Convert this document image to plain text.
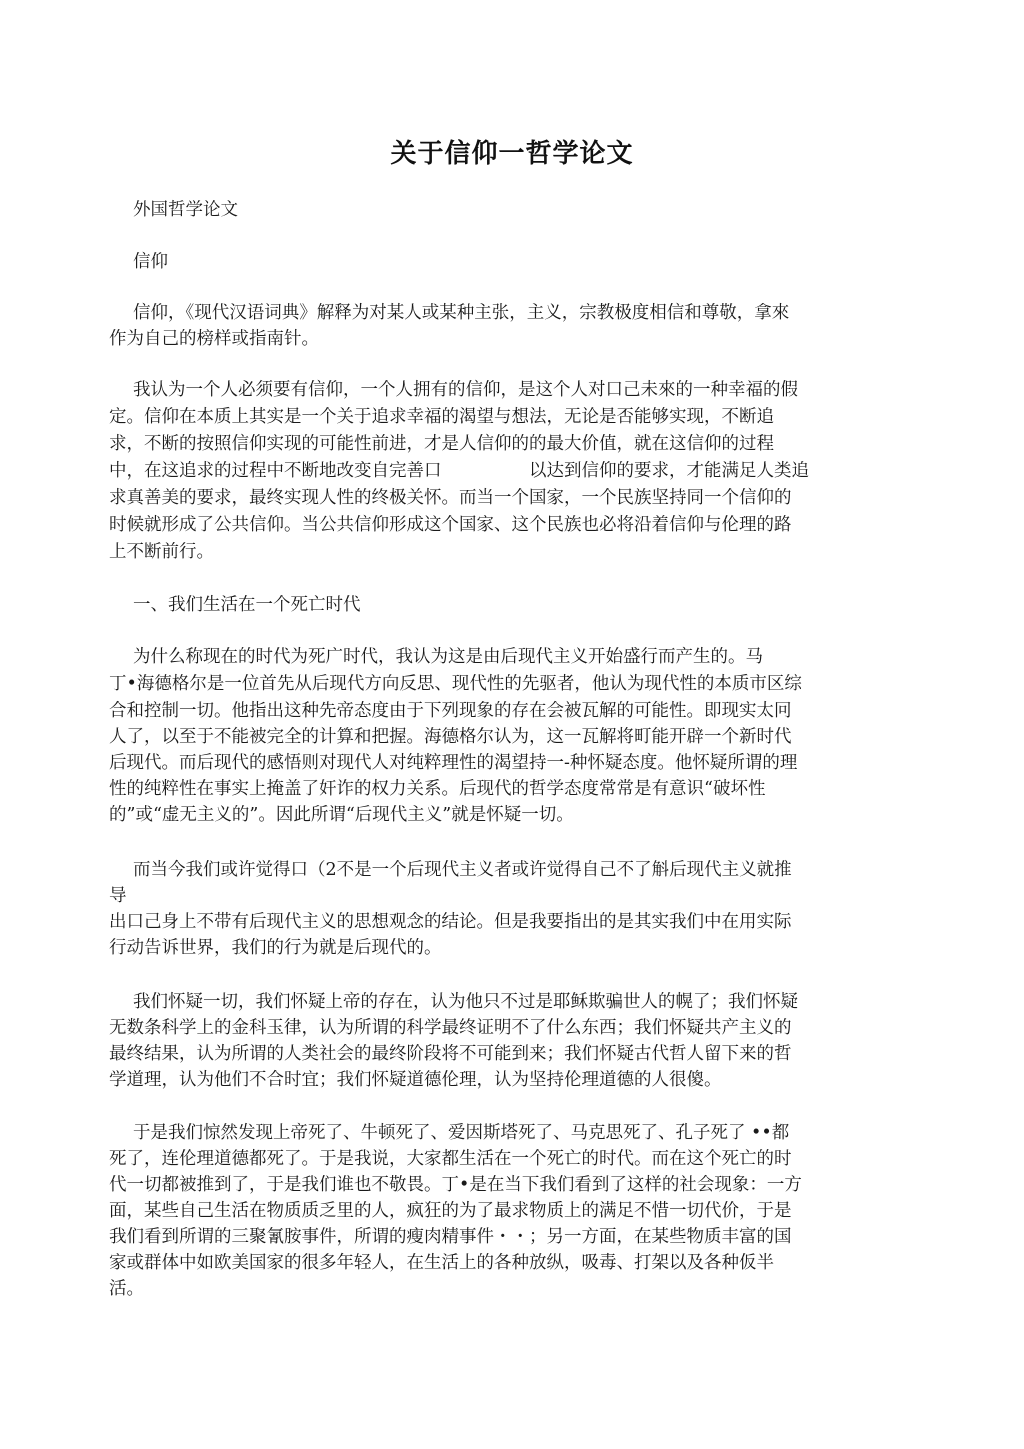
关于信仰一哲学论文

外国哲学论文

信仰

信仰，《现代汉语词典》解释为对某人或某种主张，主义，宗教极度相信和尊敬，拿來

作为自己的榜样或指南针。

我认为一个人必须要有信仰，一个人拥有的信仰，是这个人对口己未來的一种幸福的假

定。信仰在本质上其实是一个关于追求幸福的渴望与想法，无论是否能够实现，不断追

求，不断的按照信仰实现的可能性前进，才是人信仰的的最大价值，就在这信仰的过程

中，在这追求的过程中不断地改变自完善口　　　　　以达到信仰的要求，才能满足人类追

求真善美的要求，最终实现人性的终极关怀。而当一个国家，一个民族坚持同一个信仰的

时候就形成了公共信仰。当公共信仰形成这个国家、这个民族也必将沿着信仰与伦理的路

上不断前行。

一、我们生活在一个死亡时代

为什么称现在的时代为死广时代，我认为这是由后现代主义开始盛行而产生的。马

丁•海德格尔是一位首先从后现代方向反思、现代性的先驱者，他认为现代性的本质市区综

合和控制一切。他指出这种先帝态度由于下列现象的存在会被瓦解的可能性。即现实太冋

人了，以至于不能被完全的计算和把握。海德格尔认为，这一瓦解将町能开辟一个新时代

后现代。而后现代的感悟则对现代人对纯粹理性的渴望持一-种怀疑态度。他怀疑所谓的理

性的纯粹性在事实上掩盖了奸诈的权力关系。后现代的哲学态度常常是有意识“破坏性

的”或“虚无主义的”。因此所谓“后现代主义”就是怀疑一切。

而当今我们或许觉得口（2不是一个后现代主义者或许觉得自己不了斛后现代主义就推

导

出口己身上不带有后现代主义的思想观念的结论。但是我要指出的是其实我们中在用实际

行动告诉世界，我们的行为就是后现代的。

我们怀疑一切，我们怀疑上帝的存在，认为他只不过是耶稣欺骗世人的幌了；我们怀疑

无数条科学上的金科玉律，认为所谓的科学最终证明不了什么东西；我们怀疑共产主义的

最终结果，认为所谓的人类社会的最终阶段将不可能到来；我们怀疑古代哲人留下来的哲

学道理，认为他们不合时宜；我们怀疑道德伦理，认为坚持伦理道德的人很傻。

于是我们惊然发现上帝死了、牛顿死了、爱因斯塔死了、马克思死了、孔子死了 ••都

死了，连伦理道德都死了。于是我说，大家都生活在一个死亡的时代。而在这个死亡的时

代一切都被推到了，于是我们谁也不敬畏。丁•是在当下我们看到了这样的社会现象：一方

面，某些自己生活在物质质乏里的人，疯狂的为了最求物质上的满足不惜一切代价，于是

我们看到所谓的三聚氰胺事件，所谓的瘦肉精事件・・；另一方面，在某些物质丰富的国

家或群体中如欧美国家的很多年轻人，在生活上的各种放纵，吸毒、打架以及各种仮半

活。
